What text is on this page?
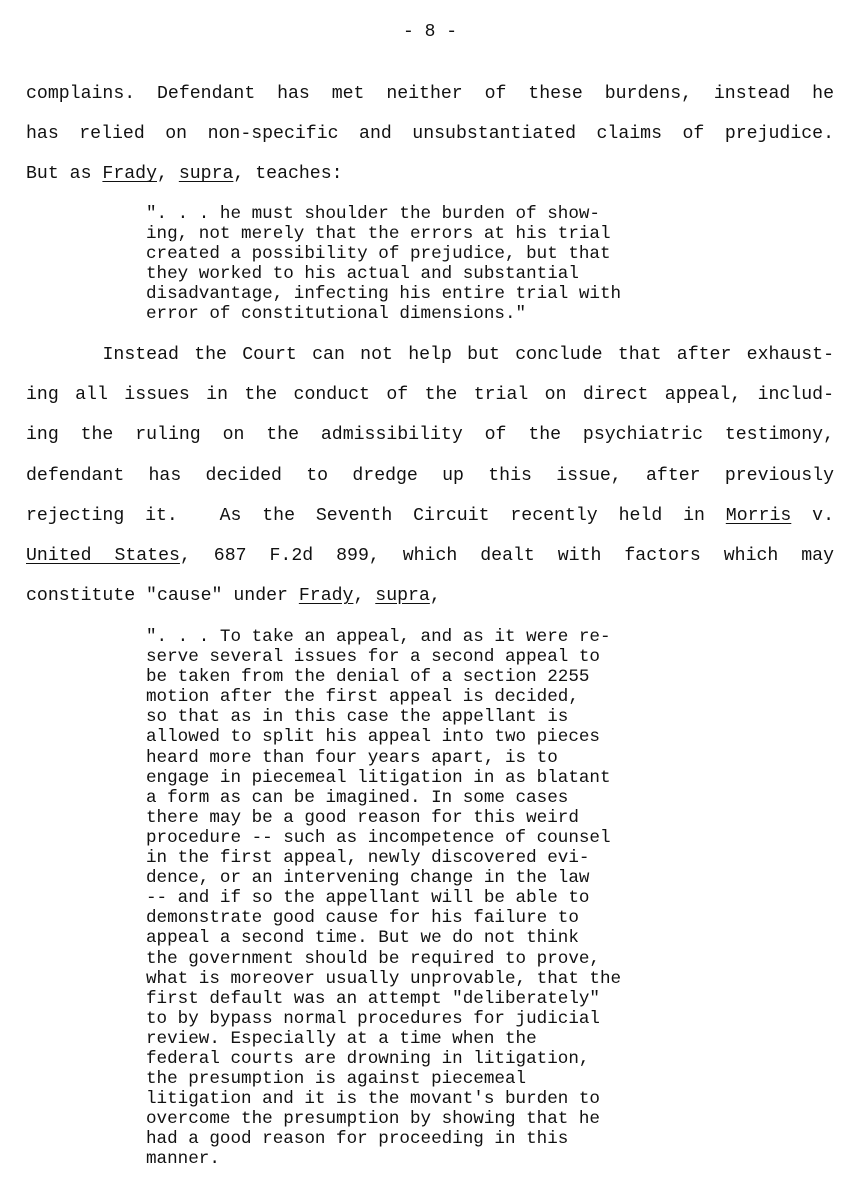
- 8 -
complains. Defendant has met neither of these burdens, instead he
has relied on non-specific and unsubstantiated claims of prejudice.
But as Frady, supra, teaches:
". . . he must shoulder the burden of show-
ing, not merely that the errors at his trial
created a possibility of prejudice, but that
they worked to his actual and substantial
disadvantage, infecting his entire trial with
error of constitutional dimensions."
Instead the Court can not help but conclude that after exhaust-
ing all issues in the conduct of the trial on direct appeal, includ-
ing the ruling on the admissibility of the psychiatric testimony,
defendant has decided to dredge up this issue, after previously
rejecting it.  As the Seventh Circuit recently held in Morris v.
United States, 687 F.2d 899, which dealt with factors which may
constitute "cause" under Frady, supra,
". . . To take an appeal, and as it were re-
serve several issues for a second appeal to
be taken from the denial of a section 2255
motion after the first appeal is decided,
so that as in this case the appellant is
allowed to split his appeal into two pieces
heard more than four years apart, is to
engage in piecemeal litigation in as blatant
a form as can be imagined. In some cases
there may be a good reason for this weird
procedure -- such as incompetence of counsel
in the first appeal, newly discovered evi-
dence, or an intervening change in the law
-- and if so the appellant will be able to
demonstrate good cause for his failure to
appeal a second time. But we do not think
the government should be required to prove,
what is moreover usually unprovable, that the
first default was an attempt "deliberately"
to by bypass normal procedures for judicial
review. Especially at a time when the
federal courts are drowning in litigation,
the presumption is against piecemeal
litigation and it is the movant's burden to
overcome the presumption by showing that he
had a good reason for proceeding in this
manner.
